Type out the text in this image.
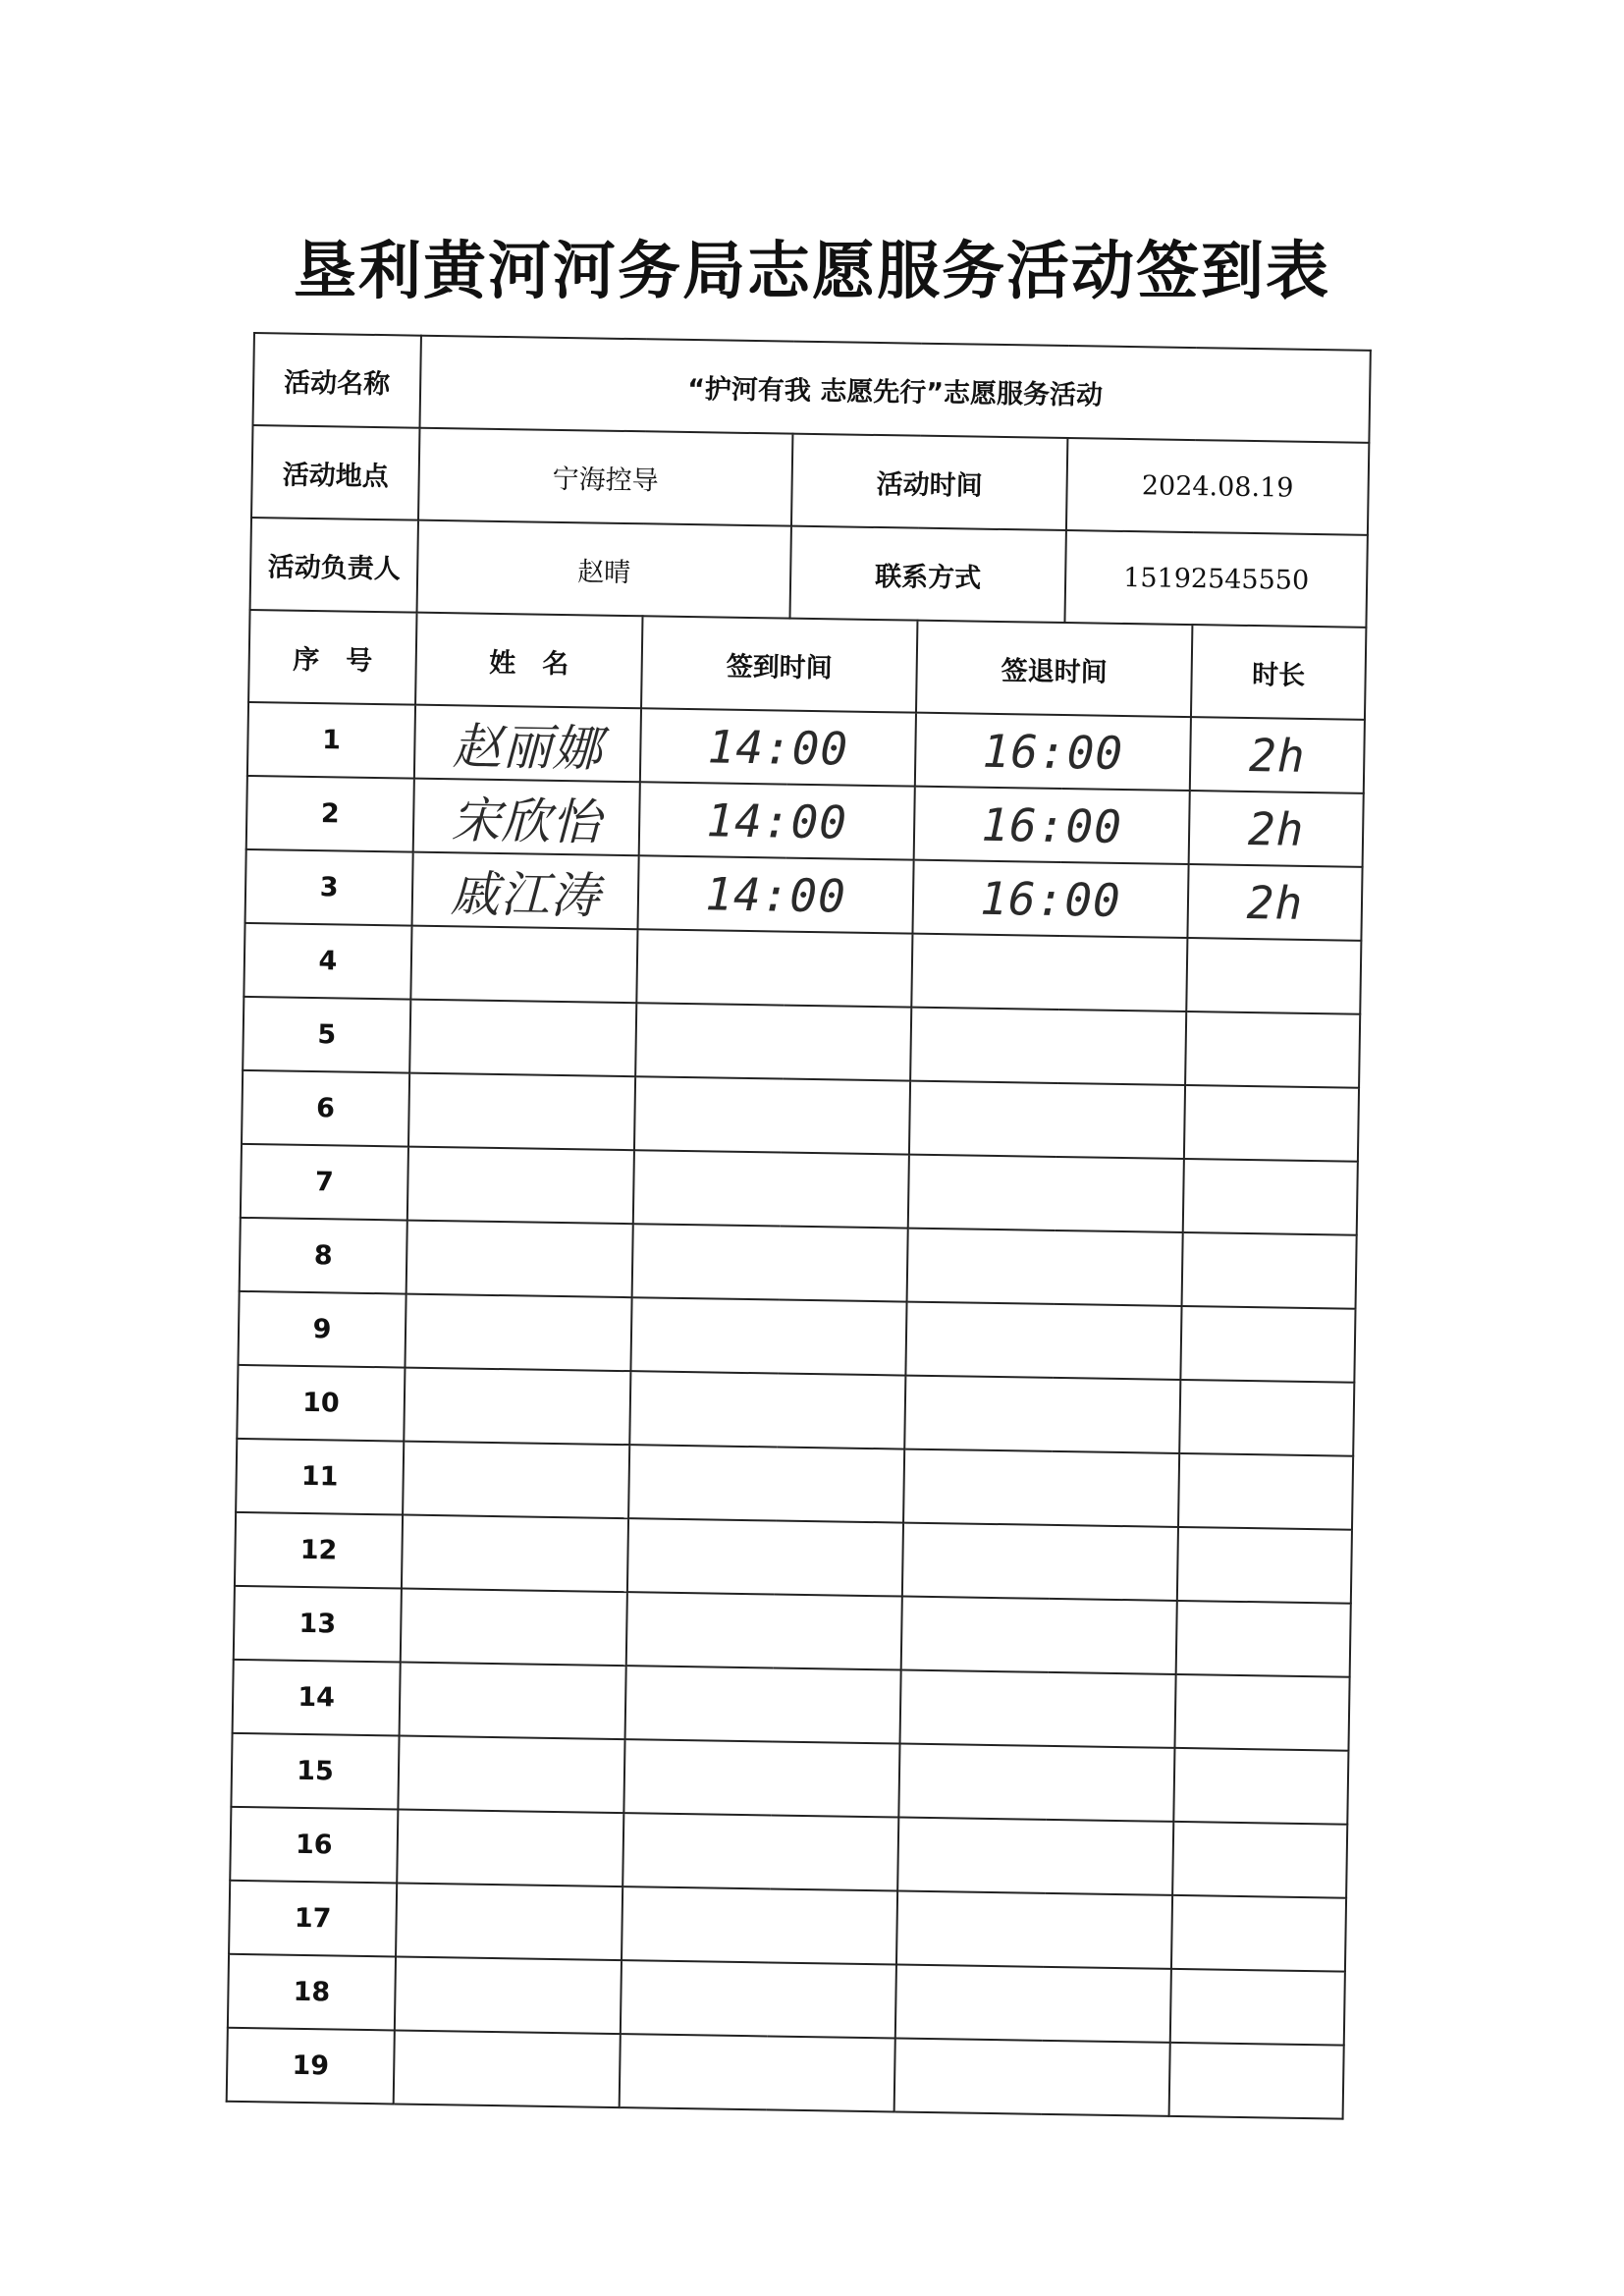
垦利黄河河务局志愿服务活动签到表
活动名称	“护河有我 志愿先行”志愿服务活动					
活动地点	宁海控导		活动时间		2024.08.19	
活动负责人	赵晴		联系方式		15192545550	
序　号	姓　名	签到时间		签退时间		时长
1	赵丽娜	14:00		16:00		2h
2	宋欣怡	14:00		16:00		2h
3	戚江涛	14:00		16:00		2h
4						
5						
6						
7						
8						
9						
10						
11						
12						
13						
14						
15						
16						
17						
18						
19						
